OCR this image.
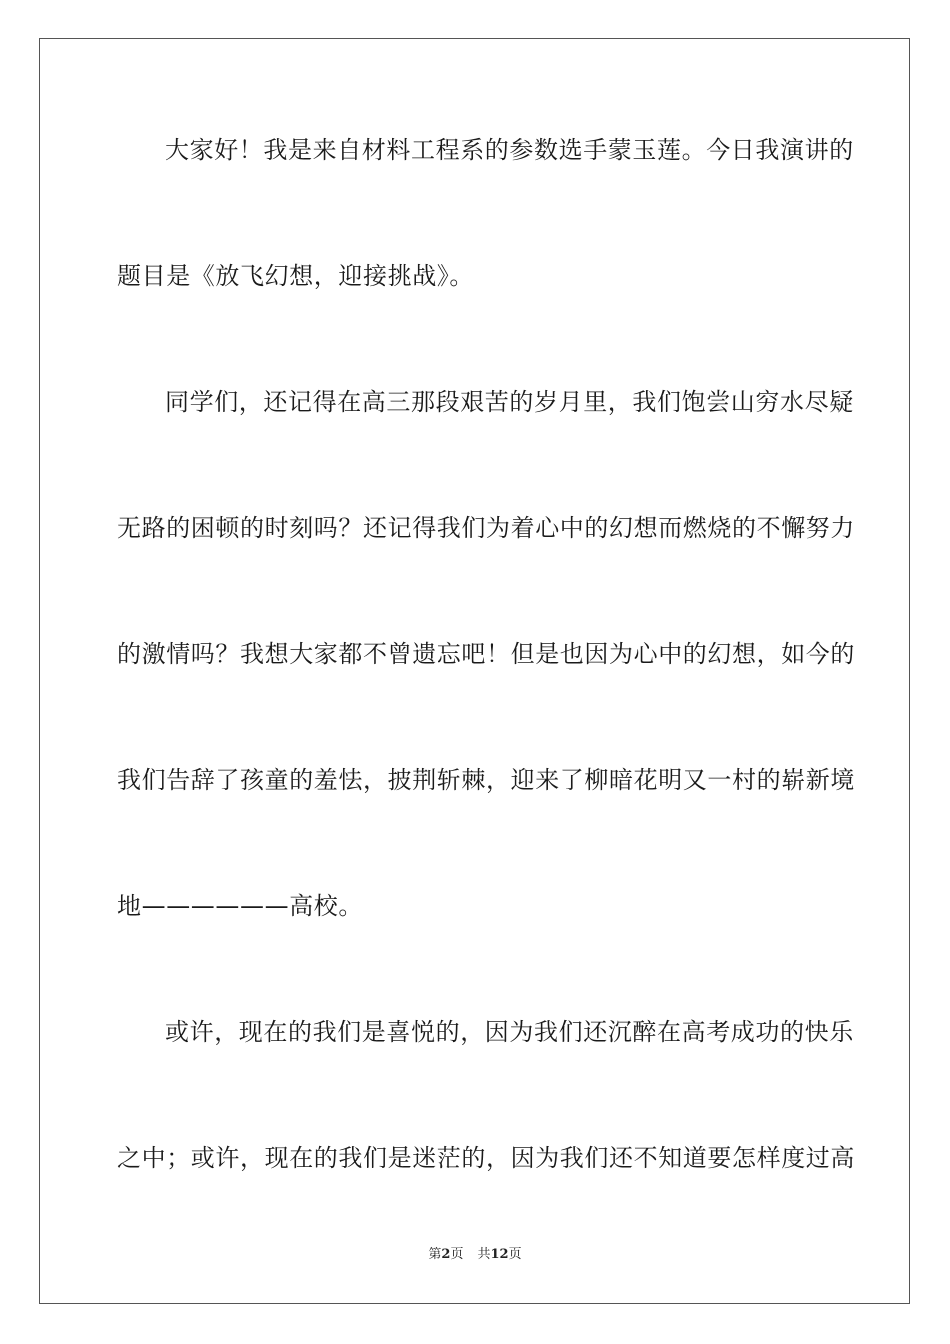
大家好！我是来自材料工程系的参数选手蒙玉莲。今日我演讲的
题目是《放飞幻想，迎接挑战》。
同学们，还记得在高三那段艰苦的岁月里，我们饱尝山穷水尽疑
无路的困顿的时刻吗？还记得我们为着心中的幻想而燃烧的不懈努力
的激情吗？我想大家都不曾遗忘吧！但是也因为心中的幻想，如今的
我们告辞了孩童的羞怯，披荆斩棘，迎来了柳暗花明又一村的崭新境
地——————高校。
或许，现在的我们是喜悦的，因为我们还沉醉在高考成功的快乐
之中；或许，现在的我们是迷茫的，因为我们还不知道要怎样度过高
第2页 共12页
